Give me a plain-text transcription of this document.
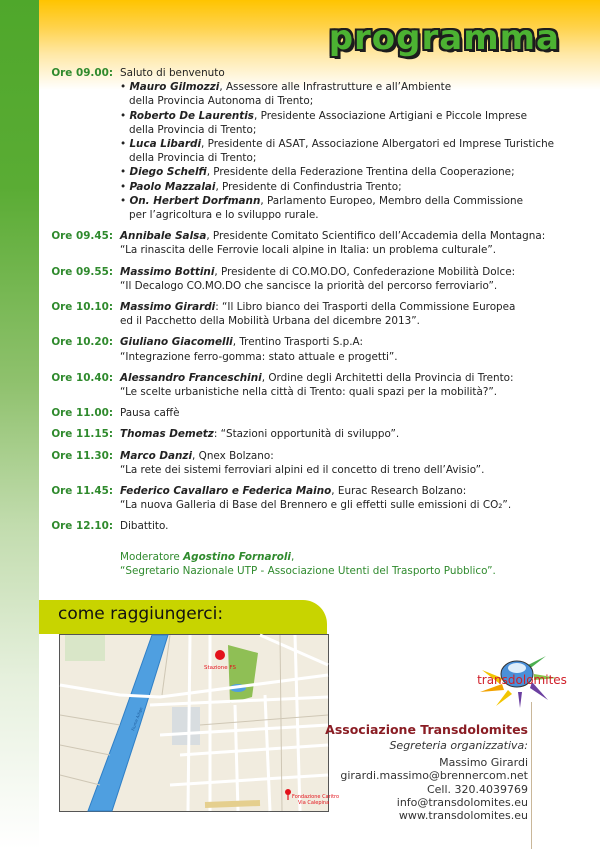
programma
Ore 09.00: Saluto di benvenuto
• Mauro Gilmozzi, Assessore alle Infrastrutture e all’Ambiente
della Provincia Autonoma di Trento;
• Roberto De Laurentis, Presidente Associazione Artigiani e Piccole Imprese
della Provincia di Trento;
• Luca Libardi, Presidente di ASAT, Associazione Albergatori ed Imprese Turistiche
della Provincia di Trento;
• Diego Schelfi, Presidente della Federazione Trentina della Cooperazione;
• Paolo Mazzalai, Presidente di Confindustria Trento;
• On. Herbert Dorfmann, Parlamento Europeo, Membro della Commissione
per l’agricoltura e lo sviluppo rurale.
Ore 09.45: Annibale Salsa, Presidente Comitato Scientifico dell’Accademia della Montagna:
“La rinascita delle Ferrovie locali alpine in Italia: un problema culturale”.
Ore 09.55: Massimo Bottini, Presidente di CO.MO.DO, Confederazione Mobilità Dolce:
“Il Decalogo CO.MO.DO che sancisce la priorità del percorso ferroviario”.
Ore 10.10: Massimo Girardi: “Il Libro bianco dei Trasporti della Commissione Europea
ed il Pacchetto della Mobilità Urbana del dicembre 2013”.
Ore 10.20: Giuliano Giacomelli, Trentino Trasporti S.p.A:
“Integrazione ferro-gomma: stato attuale e progetti”.
Ore 10.40: Alessandro Franceschini, Ordine degli Architetti della Provincia di Trento:
“Le scelte urbanistiche nella città di Trento: quali spazi per la mobilità?”.
Ore 11.00: Pausa caffè
Ore 11.15: Thomas Demetz: “Stazioni opportunità di sviluppo”.
Ore 11.30: Marco Danzi, Qnex Bolzano:
“La rete dei sistemi ferroviari alpini ed il concetto di treno dell’Avisio”.
Ore 11.45: Federico Cavallaro e Federica Maino, Eurac Research Bolzano:
“La nuova Galleria di Base del Brennero e gli effetti sulle emissioni di CO₂”.
Ore 12.10: Dibattito.
Moderatore Agostino Fornaroli,
“Segretario Nazionale UTP - Associazione Utenti del Trasporto Pubblico”.
come raggiungerci:
Stazione FS
Fondazione Caritro
Via Calepina
Fiume Adige
transdolomites
Associazione Transdolomites
Segreteria organizzativa:
Massimo Girardi
girardi.massimo@brennercom.net
Cell. 320.4039769
info@transdolomites.eu
www.transdolomites.eu
